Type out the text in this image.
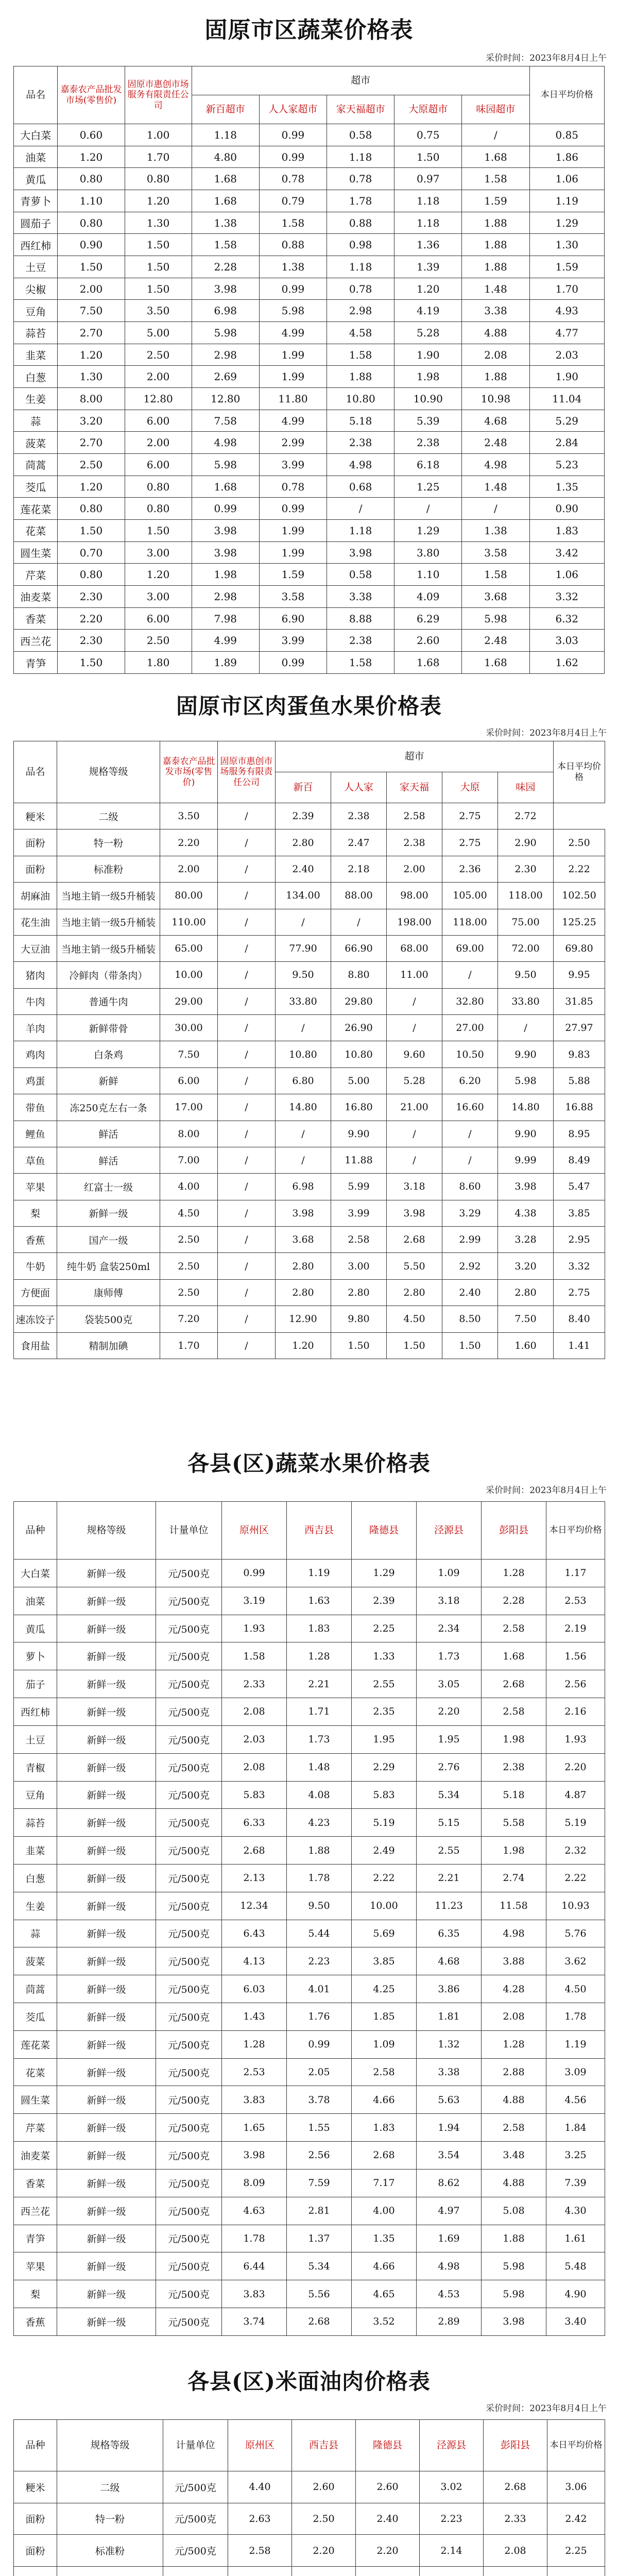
固原市区蔬菜价格表
采价时间：2023年8月4日上午
品名	嘉泰农产品批发市场(零售价)	固原市惠创市场服务有限责任公司	超市					本日平均价格
			新百超市	人人家超市	家天福超市	大原超市	味园超市	
大白菜	0.60	1.00	1.18	0.99	0.58	0.75	/	0.85
油菜	1.20	1.70	4.80	0.99	1.18	1.50	1.68	1.86
黄瓜	0.80	0.80	1.68	0.78	0.78	0.97	1.58	1.06
青萝卜	1.10	1.20	1.68	0.79	1.78	1.18	1.59	1.19
圆茄子	0.80	1.30	1.38	1.58	0.88	1.18	1.88	1.29
西红柿	0.90	1.50	1.58	0.88	0.98	1.36	1.88	1.30
土豆	1.50	1.50	2.28	1.38	1.18	1.39	1.88	1.59
尖椒	2.00	1.50	3.98	0.99	0.78	1.20	1.48	1.70
豆角	7.50	3.50	6.98	5.98	2.98	4.19	3.38	4.93
蒜苔	2.70	5.00	5.98	4.99	4.58	5.28	4.88	4.77
韭菜	1.20	2.50	2.98	1.99	1.58	1.90	2.08	2.03
白葱	1.30	2.00	2.69	1.99	1.88	1.98	1.88	1.90
生姜	8.00	12.80	12.80	11.80	10.80	10.90	10.98	11.04
蒜	3.20	6.00	7.58	4.99	5.18	5.39	4.68	5.29
菠菜	2.70	2.00	4.98	2.99	2.38	2.38	2.48	2.84
茼蒿	2.50	6.00	5.98	3.99	4.98	6.18	4.98	5.23
茭瓜	1.20	0.80	1.68	0.78	0.68	1.25	1.48	1.35
莲花菜	0.80	0.80	0.99	0.99	/	/	/	0.90
花菜	1.50	1.50	3.98	1.99	1.18	1.29	1.38	1.83
圆生菜	0.70	3.00	3.98	1.99	3.98	3.80	3.58	3.42
芹菜	0.80	1.20	1.98	1.59	0.58	1.10	1.58	1.06
油麦菜	2.30	3.00	2.98	3.58	3.38	4.09	3.68	3.32
香菜	2.20	6.00	7.98	6.90	8.88	6.29	5.98	6.32
西兰花	2.30	2.50	4.99	3.99	2.38	2.60	2.48	3.03
青笋	1.50	1.80	1.89	0.99	1.58	1.68	1.68	1.62
固原市区肉蛋鱼水果价格表
采价时间：2023年8月4日上午
品名	规格等级	嘉泰农产品批发市场(零售价)	固原市惠创市场服务有限责任公司	超市					本日平均价格
				新百	人人家	家天福	大原	味园	
粳米	二级	3.50	/	2.39	2.38	2.58	2.75	2.72	
面粉	特一粉	2.20	/	2.80	2.47	2.38	2.75	2.90	2.50
面粉	标准粉	2.00	/	2.40	2.18	2.00	2.36	2.30	2.22
胡麻油	当地主销一级5升桶装	80.00	/	134.00	88.00	98.00	105.00	118.00	102.50
花生油	当地主销一级5升桶装	110.00	/	/	/	198.00	118.00	75.00	125.25
大豆油	当地主销一级5升桶装	65.00	/	77.90	66.90	68.00	69.00	72.00	69.80
猪肉	冷鲜肉（带条肉）	10.00	/	9.50	8.80	11.00	/	9.50	9.95
牛肉	普通牛肉	29.00	/	33.80	29.80	/	32.80	33.80	31.85
羊肉	新鲜带骨	30.00	/	/	26.90	/	27.00	/	27.97
鸡肉	白条鸡	7.50	/	10.80	10.80	9.60	10.50	9.90	9.83
鸡蛋	新鲜	6.00	/	6.80	5.00	5.28	6.20	5.98	5.88
带鱼	冻250克左右一条	17.00	/	14.80	16.80	21.00	16.60	14.80	16.88
鲤鱼	鲜活	8.00	/	/	9.90	/	/	9.90	8.95
草鱼	鲜活	7.00	/	/	11.88	/	/	9.99	8.49
苹果	红富士一级	4.00	/	6.98	5.99	3.18	8.60	3.98	5.47
梨	新鲜一级	4.50	/	3.98	3.99	3.98	3.29	4.38	3.85
香蕉	国产一级	2.50	/	3.68	2.58	2.68	2.99	3.28	2.95
牛奶	纯牛奶 盒装250ml	2.50	/	2.80	3.00	5.50	2.92	3.20	3.32
方便面	康师傅	2.50	/	2.80	2.80	2.80	2.40	2.80	2.75
速冻饺子	袋装500克	7.20	/	12.90	9.80	4.50	8.50	7.50	8.40
食用盐	精制加碘	1.70	/	1.20	1.50	1.50	1.50	1.60	1.41
各县(区)蔬菜水果价格表
采价时间：2023年8月4日上午
品种	规格等级	计量单位	原州区	西吉县	隆德县	泾源县	彭阳县	本日平均价格
大白菜	新鲜一级	元/500克	0.99	1.19	1.29	1.09	1.28	1.17
油菜	新鲜一级	元/500克	3.19	1.63	2.39	3.18	2.28	2.53
黄瓜	新鲜一级	元/500克	1.93	1.83	2.25	2.34	2.58	2.19
萝卜	新鲜一级	元/500克	1.58	1.28	1.33	1.73	1.68	1.56
茄子	新鲜一级	元/500克	2.33	2.21	2.55	3.05	2.68	2.56
西红柿	新鲜一级	元/500克	2.08	1.71	2.35	2.20	2.58	2.16
土豆	新鲜一级	元/500克	2.03	1.73	1.95	1.95	1.98	1.93
青椒	新鲜一级	元/500克	2.08	1.48	2.29	2.76	2.38	2.20
豆角	新鲜一级	元/500克	5.83	4.08	5.83	5.34	5.18	4.87
蒜苔	新鲜一级	元/500克	6.33	4.23	5.19	5.15	5.58	5.19
韭菜	新鲜一级	元/500克	2.68	1.88	2.49	2.55	1.98	2.32
白葱	新鲜一级	元/500克	2.13	1.78	2.22	2.21	2.74	2.22
生姜	新鲜一级	元/500克	12.34	9.50	10.00	11.23	11.58	10.93
蒜	新鲜一级	元/500克	6.43	5.44	5.69	6.35	4.98	5.76
菠菜	新鲜一级	元/500克	4.13	2.23	3.85	4.68	3.88	3.62
茼蒿	新鲜一级	元/500克	6.03	4.01	4.25	3.86	4.28	4.50
茭瓜	新鲜一级	元/500克	1.43	1.76	1.85	1.81	2.08	1.78
莲花菜	新鲜一级	元/500克	1.28	0.99	1.09	1.32	1.28	1.19
花菜	新鲜一级	元/500克	2.53	2.05	2.58	3.38	2.88	3.09
圆生菜	新鲜一级	元/500克	3.83	3.78	4.66	5.63	4.88	4.56
芹菜	新鲜一级	元/500克	1.65	1.55	1.83	1.94	2.58	1.84
油麦菜	新鲜一级	元/500克	3.98	2.56	2.68	3.54	3.48	3.25
香菜	新鲜一级	元/500克	8.09	7.59	7.17	8.62	4.88	7.39
西兰花	新鲜一级	元/500克	4.63	2.81	4.00	4.97	5.08	4.30
青笋	新鲜一级	元/500克	1.78	1.37	1.35	1.69	1.88	1.61
苹果	新鲜一级	元/500克	6.44	5.34	4.66	4.98	5.98	5.48
梨	新鲜一级	元/500克	3.83	5.56	4.65	4.53	5.98	4.90
香蕉	新鲜一级	元/500克	3.74	2.68	3.52	2.89	3.98	3.40
各县(区)米面油肉价格表
采价时间：2023年8月4日上午
品种	规格等级	计量单位	原州区	西吉县	隆德县	泾源县	彭阳县	本日平均价格
粳米	二级	元/500克	4.40	2.60	2.60	3.02	2.68	3.06
面粉	特一粉	元/500克	2.63	2.50	2.40	2.23	2.33	2.42
面粉	标准粉	元/500克	2.58	2.20	2.20	2.14	2.08	2.25
